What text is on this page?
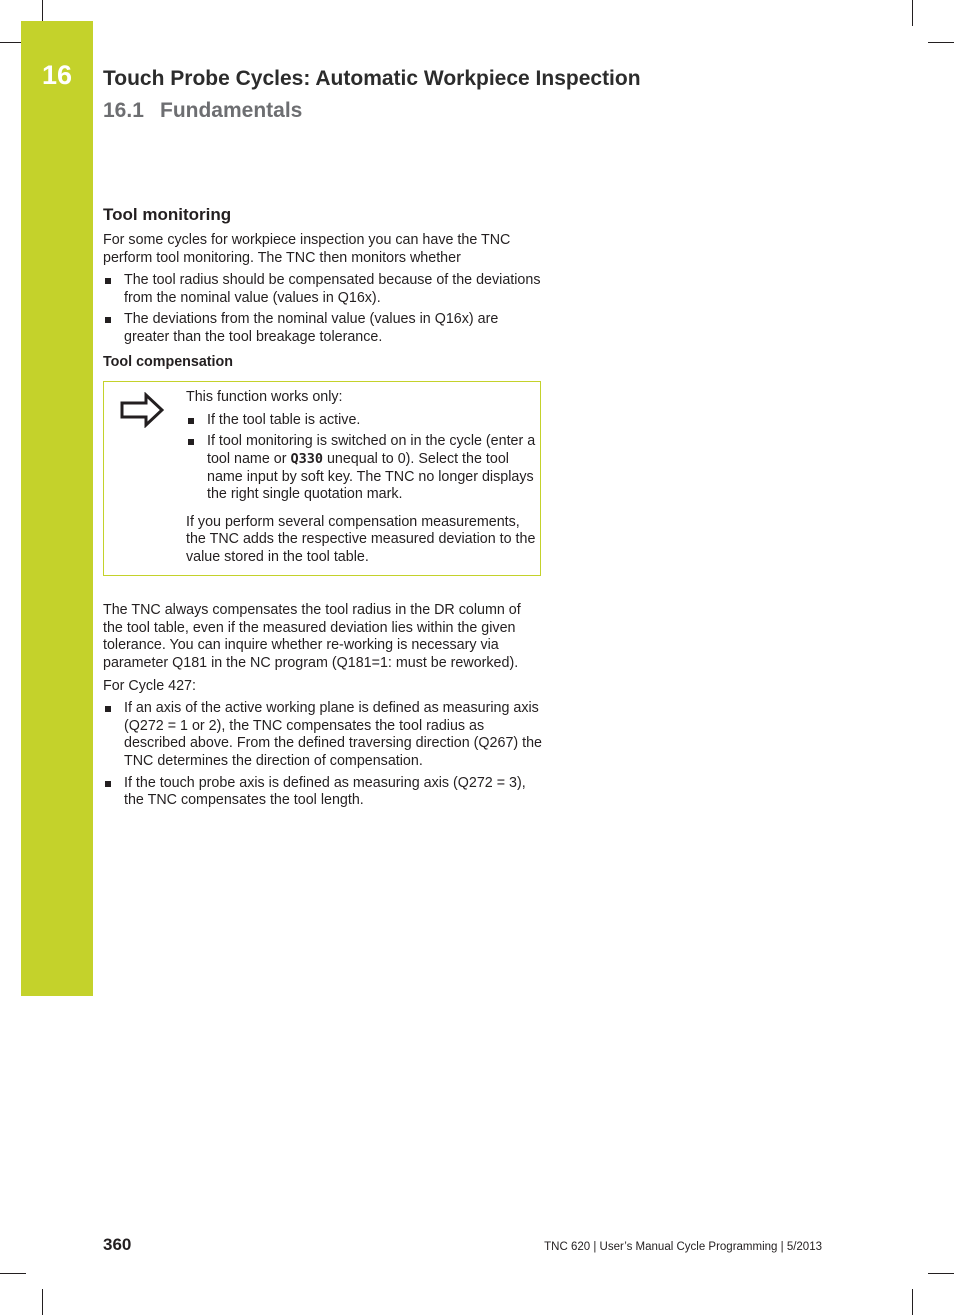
16	Touch Probe Cycles: Automatic Workpiece Inspection
16.1 Fundamentals
Tool monitoring

For some cycles for workpiece inspection you can have the TNC perform tool monitoring. The TNC then monitors whether

The tool radius should be compensated because of the deviations from the nominal value (values in Q16x).
The deviations from the nominal value (values in Q16x) are greater than the tool breakage tolerance.
Tool compensation

This function works only:

If the tool table is active.
If tool monitoring is switched on in the cycle (enter a tool name or Q330 unequal to 0). Select the tool name input by soft key. The TNC no longer displays the right single quotation mark.

If you perform several compensation measurements, the TNC adds the respective measured deviation to the value stored in the tool table.

The TNC always compensates the tool radius in the DR column of the tool table, even if the measured deviation lies within the given tolerance. You can inquire whether re-working is necessary via parameter Q181 in the NC program (Q181=1: must be reworked).

For Cycle 427:

If an axis of the active working plane is defined as measuring axis (Q272 = 1 or 2), the TNC compensates the tool radius as described above. From the defined traversing direction (Q267) the TNC determines the direction of compensation.
If the touch probe axis is defined as measuring axis (Q272 = 3), the TNC compensates the tool length.
360	TNC 620 | User’s Manual Cycle Programming | 5/2013
